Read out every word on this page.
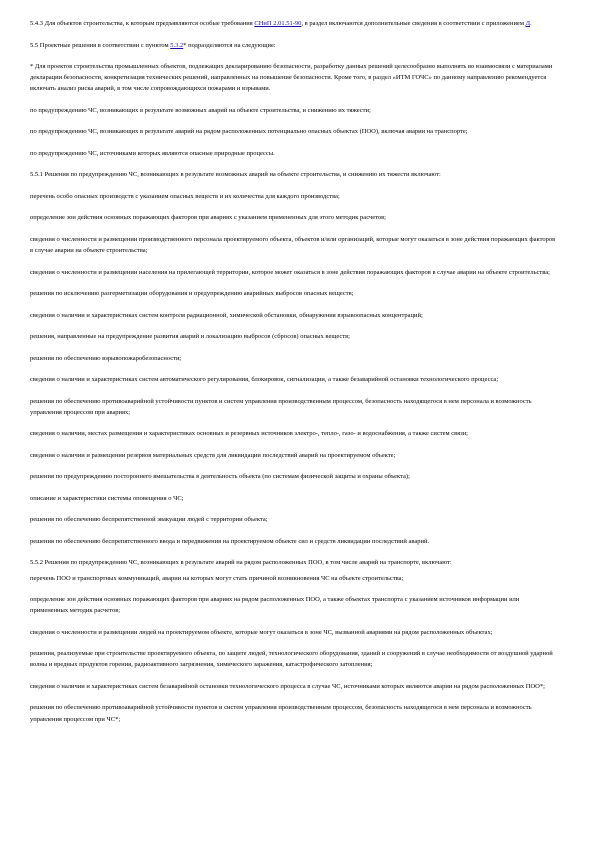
5.4.3 Для объектов строительства, к которым предъявляются особые требования СНиП 2.01.51-90, в раздел включаются дополнительные сведения в соответствии с приложением Д.

5.5 Проектные решения в соответствии с пунктом 5.3.2* подразделяются на следующие:

* Для проектов строительства промышленных объектов, подлежащих декларированию безопасности, разработку данных решений целесообразно выполнять во взаимосвязи с материалами декларации безопасности, конкретизация технических решений, направленных на повышение безопасности. Кроме того, в раздел «ИТМ ГОЧС» по данному направлению рекомендуется включать анализ риска аварий, в том числе сопровождающихся пожарами и взрывами.

по предупреждению ЧС, возникающих в результате возможных аварий на объекте строительства, и снижению их тяжести;

по предупреждению ЧС, возникающих в результате аварий на рядом расположенных потенциально опасных объектах (ПОО), включая аварии на транспорте;

по предупреждению ЧС, источниками которых являются опасные природные процессы.

5.5.1 Решения по предупреждению ЧС, возникающих в результате возможных аварий на объекте строительства, и снижению их тяжести включают:

перечень особо опасных производств с указанием опасных веществ и их количества для каждого производства;

определение зон действия основных поражающих факторов при авариях с указанием примененных для этого методик расчетов;

сведения о численности и размещении производственного персонала проектируемого объекта, объектов и/или организаций, которые могут оказаться в зоне действия поражающих факторов в случае аварии на объекте строительства;

сведения о численности и размещении населения на прилегающей территории, которое может оказаться в зоне действия поражающих факторов в случае аварии на объекте строительства;

решения по исключению разгерметизации оборудования и предупреждению аварийных выбросов опасных веществ;

сведения о наличии и характеристиках систем контроля радиационной, химической обстановки, обнаружения взрывоопасных концентраций;

решения, направленные на предупреждение развития аварий и локализацию выбросов (сбросов) опасных веществ;

решения по обеспечению взрывопожаробезопасности;

сведения о наличии и характеристиках систем автоматического регулирования, блокировок, сигнализации, а также безаварийной остановки технологического процесса;

решения по обеспечению противоаварийной устойчивости пунктов и систем управления производственным процессом, безопасность находящегося в нем персонала и возможность управления процессом при авариях;

сведения о наличии, местах размещения и характеристиках основных и резервных источников электро-, тепло-, газо- и водоснабжения, а также систем связи;

сведения о наличии и размещении резервов материальных средств для ликвидации последствий аварий на проектируемом объекте;

решения по предупреждению постороннего вмешательства в деятельность объекта (по системам физической защиты и охраны объекта);

описание и характеристики системы оповещения о ЧС;

решения по обеспечению беспрепятственной эвакуации людей с территории объекта;

решения по обеспечению беспрепятственного ввода и передвижения на проектируемом объекте сил и средств ликвидации последствий аварий.

5.5.2 Решения по предупреждению ЧС, возникающих в результате аварий на рядом расположенных ПОО, в том числе аварий на транспорте, включают:

перечень ПОО и транспортных коммуникаций, аварии на которых могут стать причиной возникновения ЧС на объекте строительства;

определение зон действия основных поражающих факторов при авариях на рядом расположенных ПОО, а также объектах транспорта с указанием источников информации или примененных методик расчетов;

сведения о численности и размещении людей на проектируемом объекте, которые могут оказаться в зоне ЧС, вызванной авариями на рядом расположенных объектах;

решения, реализуемые при строительстве проектируемого объекта, по защите людей, технологического оборудования, зданий и сооружений в случае необходимости от воздушной ударной волны и вредных продуктов горения, радиоактивного загрязнения, химического заражения, катастрофического затопления;

сведения о наличии и характеристиках систем безаварийной остановки технологического процесса в случае ЧС, источниками которых являются аварии на рядом расположенных ПОО*;

решения по обеспечению противоаварийной устойчивости пунктов и систем управления производственным процессом, безопасность находящегося в нем персонала и возможность управления процессом при ЧС*;
